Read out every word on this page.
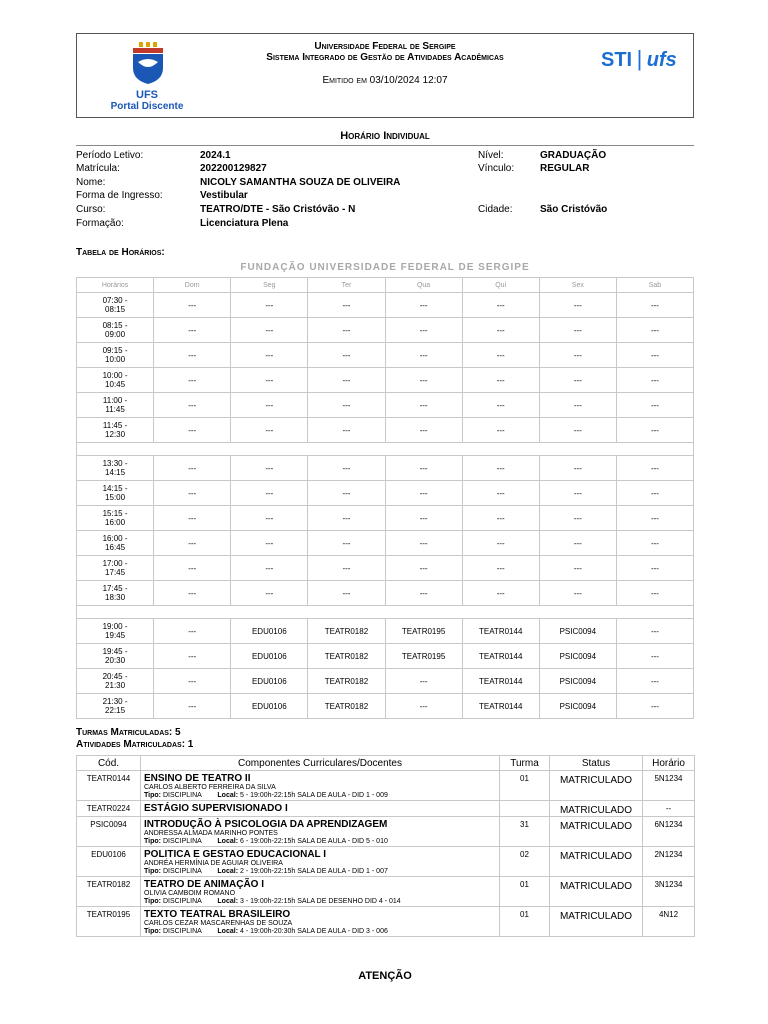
UFS
Portal Discente
Universidade Federal de Sergipe
Sistema Integrado de Gestão de Atividades Acadêmicas
Emitido em 03/10/2024 12:07
STI | ufs
Horário Individual
Período Letivo:	2024.1	Nível:	GRADUAÇÃO
Matrícula:	202200129827	Vínculo:	REGULAR
Nome:	NICOLY SAMANTHA SOUZA DE OLIVEIRA
Forma de Ingresso:	Vestibular
Curso:	TEATRO/DTE - São Cristóvão - N	Cidade:	São Cristóvão
Formação:	Licenciatura Plena
Tabela de Horários:
FUNDAÇÃO UNIVERSIDADE FEDERAL DE SERGIPE
Horários	Dom	Seg	Ter	Qua	Qui	Sex	Sab

07:30 -
08:15	---	---	---	---	---	---	---

08:15 -
09:00	---	---	---	---	---	---	---

09:15 -
10:00	---	---	---	---	---	---	---

10:00 -
10:45	---	---	---	---	---	---	---

11:00 -
11:45	---	---	---	---	---	---	---

11:45 -
12:30	---	---	---	---	---	---	---

13:30 -
14:15	---	---	---	---	---	---	---

14:15 -
15:00	---	---	---	---	---	---	---

15:15 -
16:00	---	---	---	---	---	---	---

16:00 -
16:45	---	---	---	---	---	---	---

17:00 -
17:45	---	---	---	---	---	---	---

17:45 -
18:30	---	---	---	---	---	---	---

19:00 -
19:45	---	EDU0106	TEATR0182	TEATR0195	TEATR0144	PSIC0094	---

19:45 -
20:30	---	EDU0106	TEATR0182	TEATR0195	TEATR0144	PSIC0094	---

20:45 -
21:30	---	EDU0106	TEATR0182	---	TEATR0144	PSIC0094	---

21:30 -
22:15	---	EDU0106	TEATR0182	---	TEATR0144	PSIC0094	---
Turmas Matriculadas: 5
Atividades Matriculadas: 1
Cód.	Componentes Curriculares/Docentes	Turma	Status	Horário
TEATR0144	ENSINO DE TEATRO II
CARLOS ALBERTO FERREIRA DA SILVA
Tipo: DISCIPLINA Local: 5 - 19:00h-22:15h SALA DE AULA - DID 1 - 009	01	MATRICULADO	5N1234
TEATR0224	ESTÁGIO SUPERVISIONADO I		MATRICULADO	--
PSIC0094	INTRODUÇÃO À PSICOLOGIA DA APRENDIZAGEM
ANDRESSA ALMADA MARINHO PONTES
Tipo: DISCIPLINA Local: 6 - 19:00h-22:15h SALA DE AULA - DID 5 - 010	31	MATRICULADO	6N1234
EDU0106	POLITICA E GESTAO EDUCACIONAL I
ANDRÉA HERMÍNIA DE AGUIAR OLIVEIRA
Tipo: DISCIPLINA Local: 2 - 19:00h-22:15h SALA DE AULA - DID 1 - 007	02	MATRICULADO	2N1234
TEATR0182	TEATRO DE ANIMAÇÃO I
OLIVIA CAMBOIM ROMANO
Tipo: DISCIPLINA Local: 3 - 19:00h-22:15h SALA DE DESENHO DID 4 - 014	01	MATRICULADO	3N1234
TEATR0195	TEXTO TEATRAL BRASILEIRO
CARLOS CEZAR MASCARENHAS DE SOUZA
Tipo: DISCIPLINA Local: 4 - 19:00h-20:30h SALA DE AULA - DID 3 - 006	01	MATRICULADO	4N12
ATENÇÃO
